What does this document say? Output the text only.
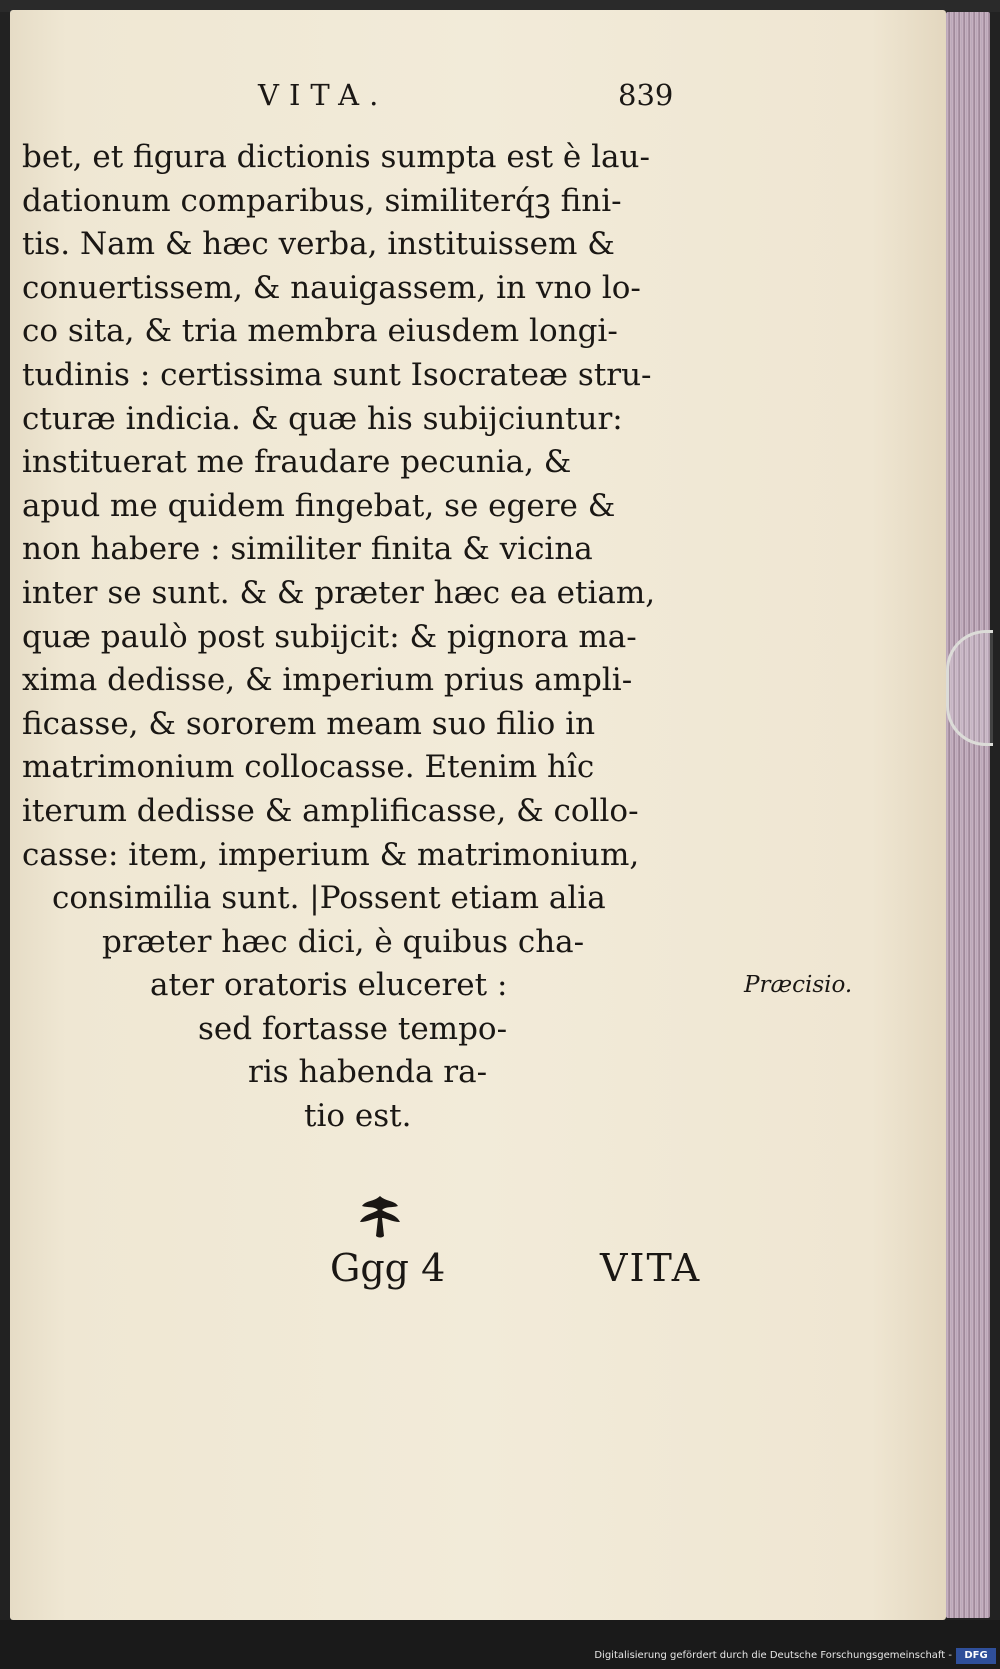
VITA.	839
bet, et figura dictionis sumpta est è lau-
dationum comparibus, similiterq́ꝫ fini-
tis. Nam & hæc verba, instituissem &
conuertissem, & nauigassem, in vno lo-
co sita, & tria membra eiusdem longi-
tudinis : certissima sunt Isocrateæ stru-
cturæ indicia. & quæ his subijciuntur:
instituerat me fraudare pecunia, &
apud me quidem fingebat, se egere &
non habere : similiter finita & vicina
inter se sunt. & & præter hæc ea etiam,
quæ paulò post subijcit: & pignora ma-
xima dedisse, & imperium prius ampli-
ficasse, & sororem meam suo filio in
matrimonium collocasse. Etenim hîc
iterum dedisse & amplificasse, & collo-
casse: item, imperium & matrimonium,
consimilia sunt. |Possent etiam alia
præter hæc dici, è quibus cha-
ater oratoris eluceret :
sed fortasse tempo-
ris habenda ra-
tio est.
Præcisio.
Ggg 4	VITA
Digitalisierung gefördert durch die Deutsche Forschungsgemeinschaft -	DFG
